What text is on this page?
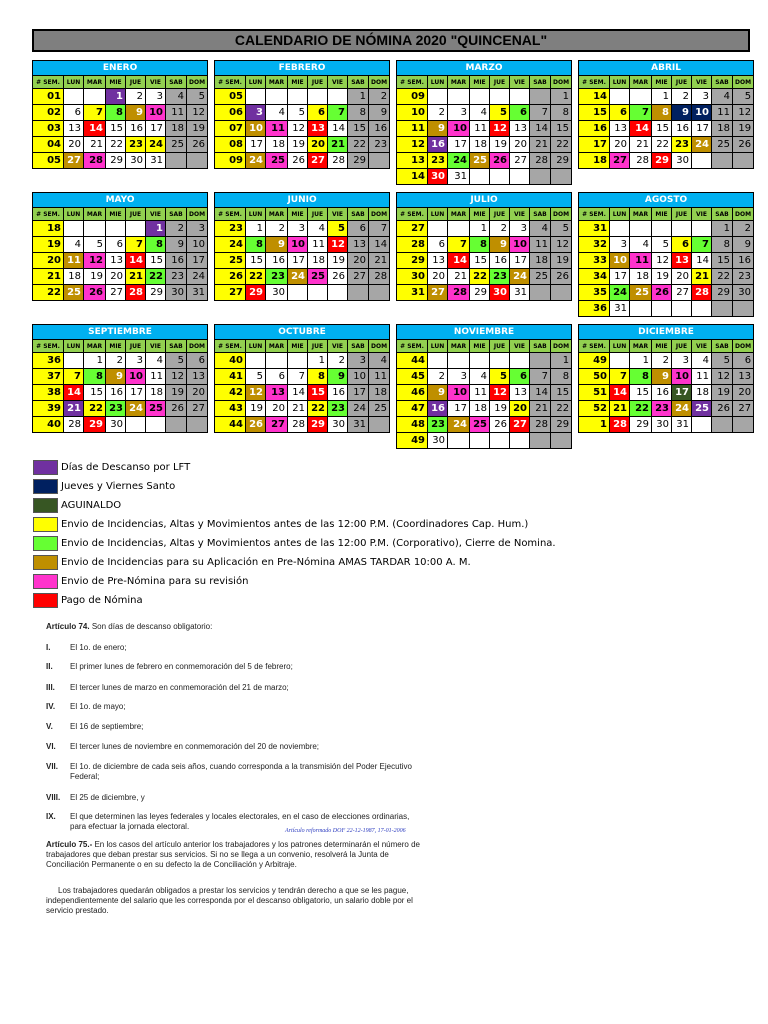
CALENDARIO DE NÓMINA 2020 "QUINCENAL"
ENERO							
# SEM.	LUN	MAR	MIE	JUE	VIE	SAB	DOM
01			1	2	3	4	5
02	6	7	8	9	10	11	12
03	13	14	15	16	17	18	19
04	20	21	22	23	24	25	26
05	27	28	29	30	31		
FEBRERO							
# SEM.	LUN	MAR	MIE	JUE	VIE	SAB	DOM
05						1	2
06	3	4	5	6	7	8	9
07	10	11	12	13	14	15	16
08	17	18	19	20	21	22	23
09	24	25	26	27	28	29	
MARZO							
# SEM.	LUN	MAR	MIE	JUE	VIE	SAB	DOM
09							1
10	2	3	4	5	6	7	8
11	9	10	11	12	13	14	15
12	16	17	18	19	20	21	22
13	23	24	25	26	27	28	29
14	30	31					
ABRIL							
# SEM.	LUN	MAR	MIE	JUE	VIE	SAB	DOM
14			1	2	3	4	5
15	6	7	8	9	10	11	12
16	13	14	15	16	17	18	19
17	20	21	22	23	24	25	26
18	27	28	29	30			
MAYO							
# SEM.	LUN	MAR	MIE	JUE	VIE	SAB	DOM
18					1	2	3
19	4	5	6	7	8	9	10
20	11	12	13	14	15	16	17
21	18	19	20	21	22	23	24
22	25	26	27	28	29	30	31
JUNIO							
# SEM.	LUN	MAR	MIE	JUE	VIE	SAB	DOM
23	1	2	3	4	5	6	7
24	8	9	10	11	12	13	14
25	15	16	17	18	19	20	21
26	22	23	24	25	26	27	28
27	29	30					
JULIO							
# SEM.	LUN	MAR	MIE	JUE	VIE	SAB	DOM
27			1	2	3	4	5
28	6	7	8	9	10	11	12
29	13	14	15	16	17	18	19
30	20	21	22	23	24	25	26
31	27	28	29	30	31		
AGOSTO							
# SEM.	LUN	MAR	MIE	JUE	VIE	SAB	DOM
31						1	2
32	3	4	5	6	7	8	9
33	10	11	12	13	14	15	16
34	17	18	19	20	21	22	23
35	24	25	26	27	28	29	30
36	31						
SEPTIEMBRE							
# SEM.	LUN	MAR	MIE	JUE	VIE	SAB	DOM
36		1	2	3	4	5	6
37	7	8	9	10	11	12	13
38	14	15	16	17	18	19	20
39	21	22	23	24	25	26	27
40	28	29	30				
OCTUBRE							
# SEM.	LUN	MAR	MIE	JUE	VIE	SAB	DOM
40				1	2	3	4
41	5	6	7	8	9	10	11
42	12	13	14	15	16	17	18
43	19	20	21	22	23	24	25
44	26	27	28	29	30	31	
NOVIEMBRE							
# SEM.	LUN	MAR	MIE	JUE	VIE	SAB	DOM
44							1
45	2	3	4	5	6	7	8
46	9	10	11	12	13	14	15
47	16	17	18	19	20	21	22
48	23	24	25	26	27	28	29
49	30						
DICIEMBRE							
# SEM.	LUN	MAR	MIE	JUE	VIE	SAB	DOM
49		1	2	3	4	5	6
50	7	8	9	10	11	12	13
51	14	15	16	17	18	19	20
52	21	22	23	24	25	26	27
1	28	29	30	31			
Días de Descanso por LFT
Jueves y Viernes Santo
AGUINALDO
Envio de Incidencias, Altas y Movimientos antes de las 12:00 P.M. (Coordinadores Cap. Hum.)
Envio de Incidencias, Altas y Movimientos antes de las 12:00 P.M. (Corporativo), Cierre de Nomina.
Envio de Incidencias para su Aplicación en Pre-Nómina AMAS TARDAR 10:00 A. M.
Envio de Pre-Nómina para su revisión
Pago de Nómina
Artículo 74. Son días de descanso obligatorio:
I. El 1o. de enero;
II. El primer lunes de febrero en conmemoración del 5 de febrero;
III. El tercer lunes de marzo en conmemoración del 21 de marzo;
IV. El 1o. de mayo;
V. El 16 de septiembre;
VI. El tercer lunes de noviembre en conmemoración del 20 de noviembre;
VII. El 1o. de diciembre de cada seis años, cuando corresponda a la transmisión del Poder Ejecutivo Federal;
VIII. El 25 de diciembre, y
IX. El que determinen las leyes federales y locales electorales, en el caso de elecciones ordinarias, para efectuar la jornada electoral.	Artículo reformado DOF 22-12-1987, 17-01-2006
Artículo 75.- En los casos del artículo anterior los trabajadores y los patrones determinarán el número de trabajadores que deban prestar sus servicios. Si no se llega a un convenio, resolverá la Junta de Conciliación Permanente o en su defecto la de Conciliación y Arbitraje.
Los trabajadores quedarán obligados a prestar los servicios y tendrán derecho a que se les pague, independientemente del salario que les corresponda por el descanso obligatorio, un salario doble por el servicio prestado.
